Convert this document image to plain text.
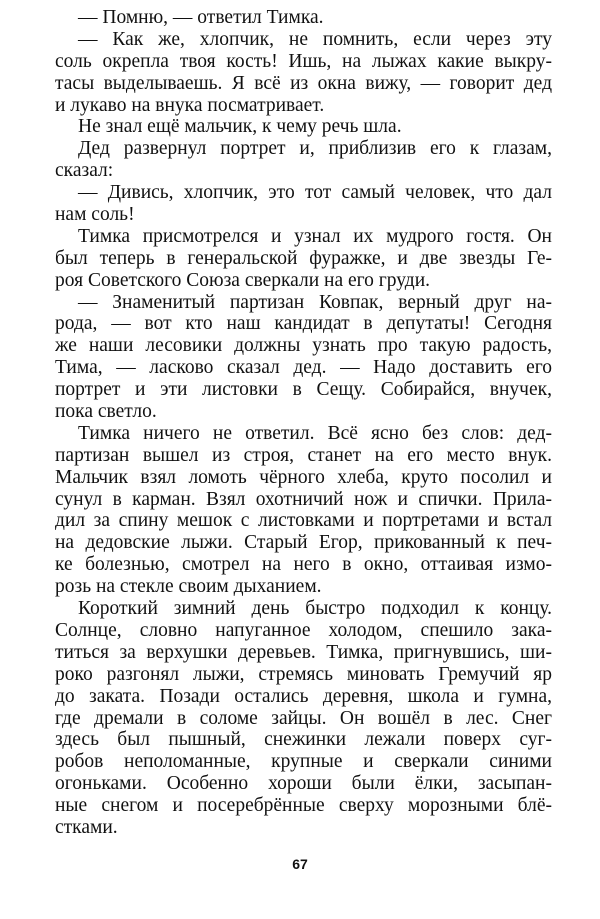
— Помню, — ответил Тимка.
— Как же, хлопчик, не помнить, если через эту
соль окрепла твоя кость! Ишь, на лыжах какие выкру-
тасы выделываешь. Я всё из окна вижу, — говорит дед
и лукаво на внука посматривает.
Не знал ещё мальчик, к чему речь шла.
Дед развернул портрет и, приблизив его к глазам,
сказал:
— Дивись, хлопчик, это тот самый человек, что дал
нам соль!
Тимка присмотрелся и узнал их мудрого гостя. Он
был теперь в генеральской фуражке, и две звезды Ге-
роя Советского Союза сверкали на его груди.
— Знаменитый партизан Ковпак, верный друг на-
рода, — вот кто наш кандидат в депутаты! Сегодня
же наши лесовики должны узнать про такую радость,
Тима, — ласково сказал дед. — Надо доставить его
портрет и эти листовки в Сещу. Собирайся, внучек,
пока светло.
Тимка ничего не ответил. Всё ясно без слов: дед-
партизан вышел из строя, станет на его место внук.
Мальчик взял ломоть чёрного хлеба, круто посолил и
сунул в карман. Взял охотничий нож и спички. Прила-
дил за спину мешок с листовками и портретами и встал
на дедовские лыжи. Старый Егор, прикованный к печ-
ке болезнью, смотрел на него в окно, оттаивая измо-
розь на стекле своим дыханием.
Короткий зимний день быстро подходил к концу.
Солнце, словно напуганное холодом, спешило зака-
титься за верхушки деревьев. Тимка, пригнувшись, ши-
роко разгонял лыжи, стремясь миновать Гремучий яр
до заката. Позади остались деревня, школа и гумна,
где дремали в соломе зайцы. Он вошёл в лес. Снег
здесь был пышный, снежинки лежали поверх суг-
робов неполоманные, крупные и сверкали синими
огоньками. Особенно хороши были ёлки, засыпан-
ные снегом и посеребрённые сверху морозными блё-
стками.
67
